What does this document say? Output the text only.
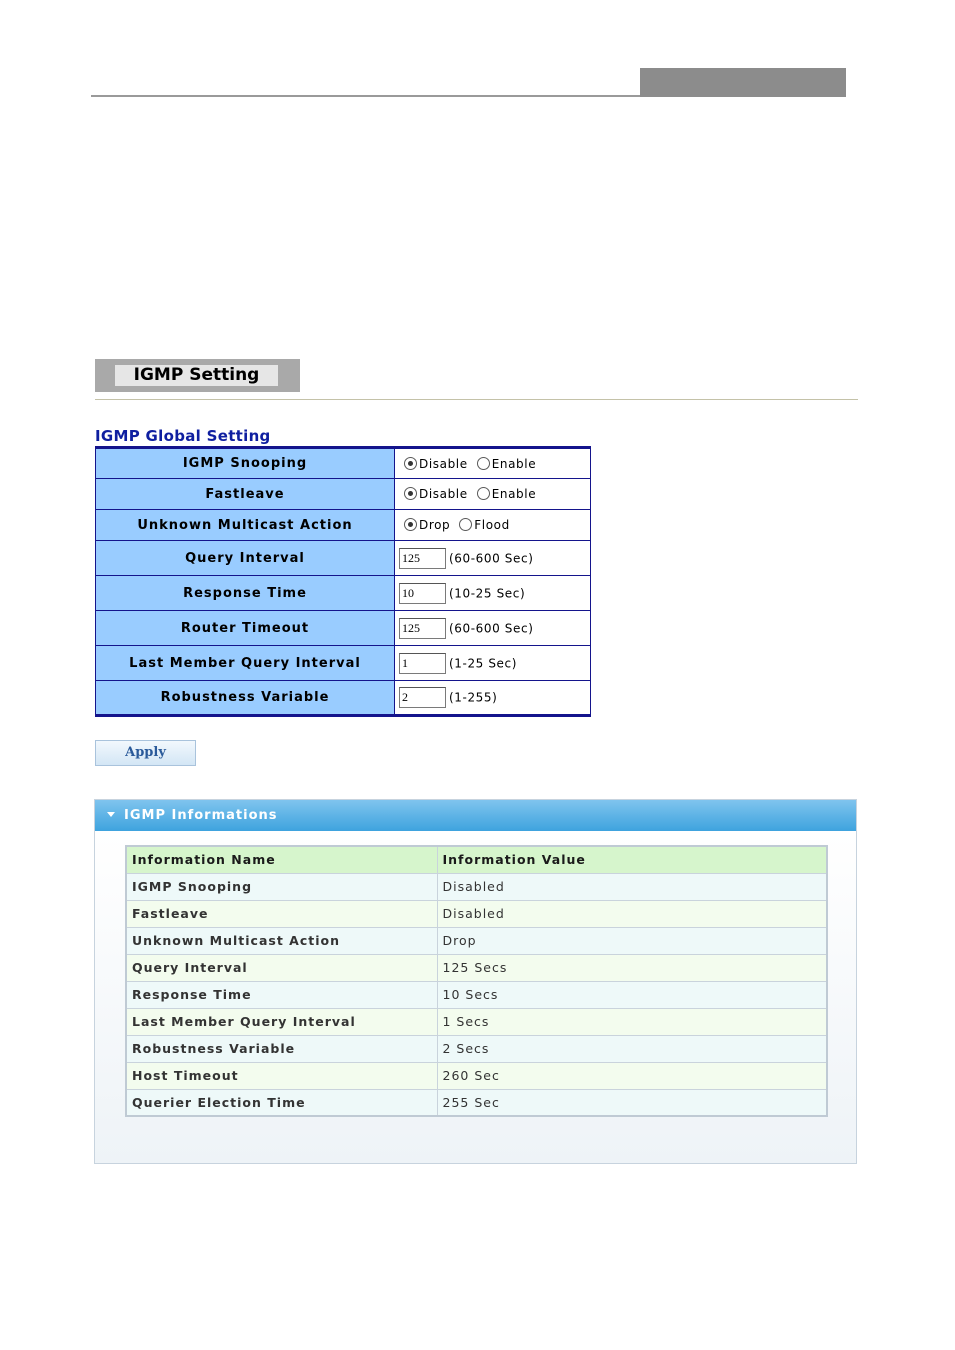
IGMP Setting
IGMP Global Setting
IGMP Snooping	Disable Enable
Fastleave	Disable Enable
Unknown Multicast Action	Drop Flood
Query Interval	125(60-600 Sec)
Response Time	10(10-25 Sec)
Router Timeout	125(60-600 Sec)
Last Member Query Interval	1(1-25 Sec)
Robustness Variable	2(1-255)
Apply
IGMP Informations
Information Name	Information Value
IGMP Snooping	Disabled
Fastleave	Disabled
Unknown Multicast Action	Drop
Query Interval	125 Secs
Response Time	10 Secs
Last Member Query Interval	1 Secs
Robustness Variable	2 Secs
Host Timeout	260 Sec
Querier Election Time	255 Sec
